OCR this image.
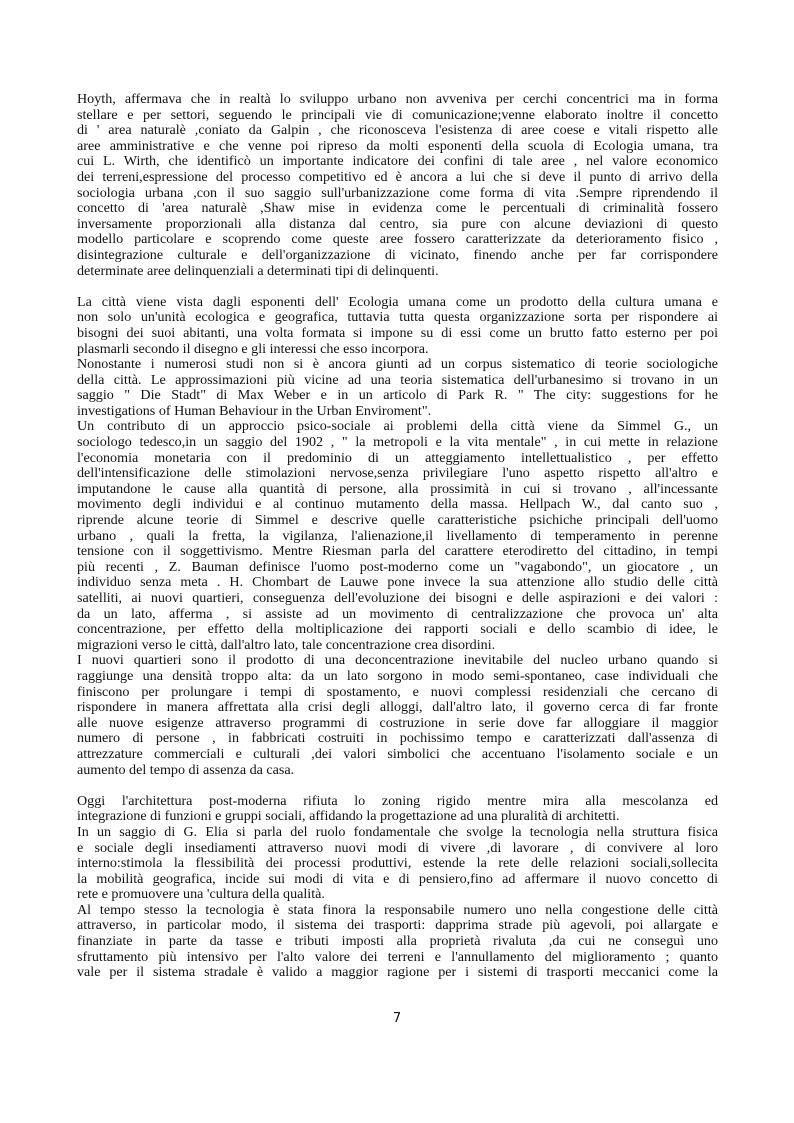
Hoyth, affermava che in realtà lo sviluppo urbano non avveniva per cerchi concentrici ma in forma
stellare e per settori, seguendo le principali vie di comunicazione;venne elaborato inoltre il concetto
di ' area naturalè ,coniato da Galpin , che riconosceva l'esistenza di aree coese e vitali rispetto alle
aree amministrative e che venne poi ripreso da molti esponenti della scuola di Ecologia umana, tra
cui L. Wirth, che identificò un importante indicatore dei confini di tale aree , nel valore economico
dei terreni,espressione del processo competitivo ed è ancora a lui che si deve il punto di arrivo della
sociologia urbana ,con il suo saggio sull'urbanizzazione come forma di vita .Sempre riprendendo il
concetto di 'area naturalè ,Shaw mise in evidenza come le percentuali di criminalità fossero
inversamente proporzionali alla distanza dal centro, sia pure con alcune deviazioni di questo
modello particolare e scoprendo come queste aree fossero caratterizzate da deterioramento fisico ,
disintegrazione culturale e dell'organizzazione di vicinato, finendo anche per far corrispondere
determinate aree delinquenziali a determinati tipi di delinquenti.
La città viene vista dagli esponenti dell' Ecologia umana come un prodotto della cultura umana e
non solo un'unità ecologica e geografica, tuttavia tutta questa organizzazione sorta per rispondere ai
bisogni dei suoi abitanti, una volta formata si impone su di essi come un brutto fatto esterno per poi
plasmarli secondo il disegno e gli interessi che esso incorpora.
Nonostante i numerosi studi non si è ancora giunti ad un corpus sistematico di teorie sociologiche
della città. Le approssimazioni più vicine ad una teoria sistematica dell'urbanesimo si trovano in un
saggio " Die Stadt" di Max Weber e in un articolo di Park R. " The city: suggestions for he
investigations of Human Behaviour in the Urban Enviroment".
Un contributo di un approccio psico-sociale ai problemi della città viene da Simmel G., un
sociologo tedesco,in un saggio del 1902 , " la metropoli e la vita mentale" , in cui mette in relazione
l'economia monetaria con il predominio di un atteggiamento intellettualistico , per effetto
dell'intensificazione delle stimolazioni nervose,senza privilegiare l'uno aspetto rispetto all'altro e
imputandone le cause alla quantità di persone, alla prossimità in cui si trovano , all'incessante
movimento degli individui e al continuo mutamento della massa. Hellpach W., dal canto suo ,
riprende alcune teorie di Simmel e descrive quelle caratteristiche psichiche principali dell'uomo
urbano , quali la fretta, la vigilanza, l'alienazione,il livellamento di temperamento in perenne
tensione con il soggettivismo. Mentre Riesman parla del carattere eterodiretto del cittadino, in tempi
più recenti , Z. Bauman definisce l'uomo post-moderno come un "vagabondo", un giocatore , un
individuo senza meta . H. Chombart de Lauwe pone invece la sua attenzione allo studio delle città
satelliti, ai nuovi quartieri, conseguenza dell'evoluzione dei bisogni e delle aspirazioni e dei valori :
da un lato, afferma , si assiste ad un movimento di centralizzazione che provoca un' alta
concentrazione, per effetto della moltiplicazione dei rapporti sociali e dello scambio di idee, le
migrazioni verso le città, dall'altro lato, tale concentrazione crea disordini.
I nuovi quartieri sono il prodotto di una deconcentrazione inevitabile del nucleo urbano quando si
raggiunge una densità troppo alta: da un lato sorgono in modo semi-spontaneo, case individuali che
finiscono per prolungare i tempi di spostamento, e nuovi complessi residenziali che cercano di
rispondere in manera affrettata alla crisi degli alloggi, dall'altro lato, il governo cerca di far fronte
alle nuove esigenze attraverso programmi di costruzione in serie dove far alloggiare il maggior
numero di persone , in fabbricati costruiti in pochissimo tempo e caratterizzati dall'assenza di
attrezzature commerciali e culturali ,dei valori simbolici che accentuano l'isolamento sociale e un
aumento del tempo di assenza da casa.
Oggi l'architettura post-moderna rifiuta lo zoning rigido mentre mira alla mescolanza ed
integrazione di funzioni e gruppi sociali, affidando la progettazione ad una pluralità di architetti.
In un saggio di G. Elia si parla del ruolo fondamentale che svolge la tecnologia nella struttura fisica
e sociale degli insediamenti attraverso nuovi modi di vivere ,di lavorare , di convivere al loro
interno:stimola la flessibilità dei processi produttivi, estende la rete delle relazioni sociali,sollecita
la mobilità geografica, incide sui modi di vita e di pensiero,fino ad affermare il nuovo concetto di
rete e promuovere una 'cultura della qualità.
Al tempo stesso la tecnologia è stata finora la responsabile numero uno nella congestione delle città
attraverso, in particolar modo, il sistema dei trasporti: dapprima strade più agevoli, poi allargate e
finanziate in parte da tasse e tributi imposti alla proprietà rivaluta ,da cui ne conseguì uno
sfruttamento più intensivo per l'alto valore dei terreni e l'annullamento del miglioramento ; quanto
vale per il sistema stradale è valido a maggior ragione per i sistemi di trasporti meccanici come la
7
